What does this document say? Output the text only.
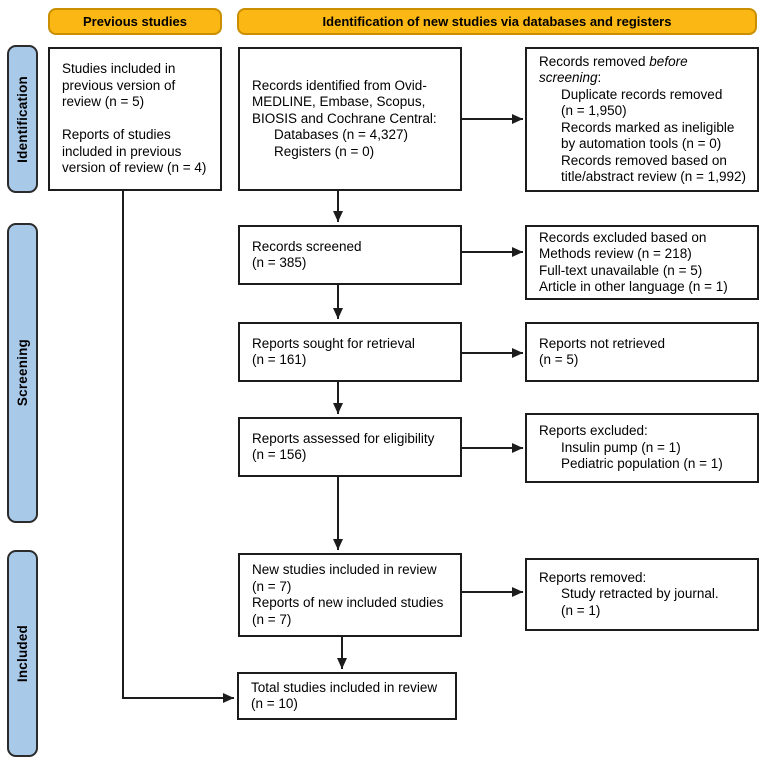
Previous studies	Identification of new studies via databases and registers
Identification
Screening
Included
Studies included in
previous version of
review (n = 5)
Reports of studies
included in previous
version of review (n = 4)
Records identified from Ovid-
MEDLINE, Embase, Scopus,
BIOSIS and Cochrane Central:
Databases (n = 4,327)
Registers (n = 0)
Records removed before
screening:
Duplicate records removed
(n = 1,950)
Records marked as ineligible
by automation tools (n = 0)
Records removed based on
title/abstract review (n = 1,992)
Records screened
(n = 385)
Records excluded based on
Methods review (n = 218)
Full-text unavailable (n = 5)
Article in other language (n = 1)
Reports sought for retrieval
(n = 161)
Reports not retrieved
(n = 5)
Reports assessed for eligibility
(n = 156)
Reports excluded:
Insulin pump (n = 1)
Pediatric population (n = 1)
New studies included in review
(n = 7)
Reports of new included studies
(n = 7)
Reports removed:
Study retracted by journal.
(n = 1)
Total studies included in review
(n = 10)
